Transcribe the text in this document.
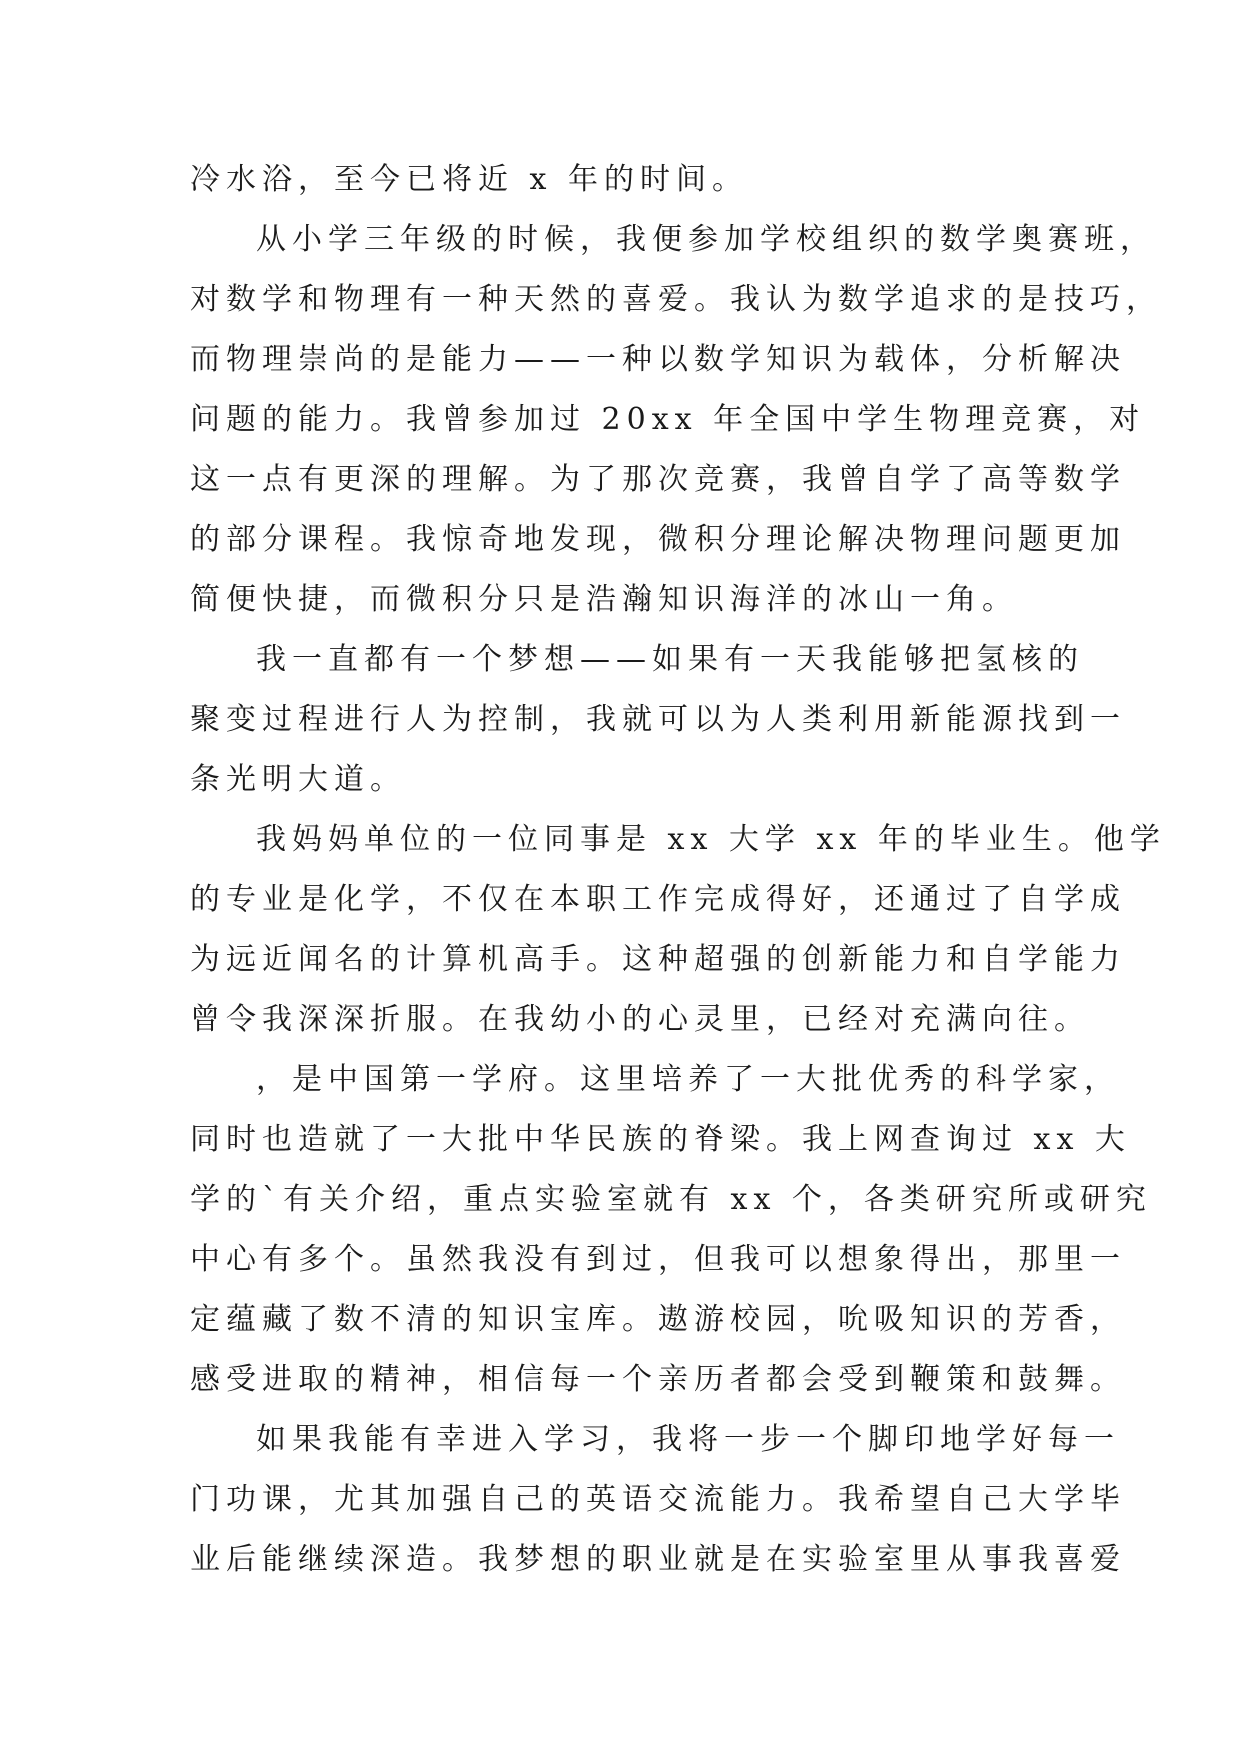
冷水浴，至今已将近 x 年的时间。
从小学三年级的时候，我便参加学校组织的数学奥赛班，
对数学和物理有一种天然的喜爱。我认为数学追求的是技巧，
而物理崇尚的是能力——一种以数学知识为载体，分析解决
问题的能力。我曾参加过 20xx 年全国中学生物理竞赛，对
这一点有更深的理解。为了那次竞赛，我曾自学了高等数学
的部分课程。我惊奇地发现，微积分理论解决物理问题更加
简便快捷，而微积分只是浩瀚知识海洋的冰山一角。
我一直都有一个梦想——如果有一天我能够把氢核的
聚变过程进行人为控制，我就可以为人类利用新能源找到一
条光明大道。
我妈妈单位的一位同事是 xx 大学 xx 年的毕业生。他学
的专业是化学，不仅在本职工作完成得好，还通过了自学成
为远近闻名的计算机高手。这种超强的创新能力和自学能力
曾令我深深折服。在我幼小的心灵里，已经对充满向往。
，是中国第一学府。这里培养了一大批优秀的科学家，
同时也造就了一大批中华民族的脊梁。我上网查询过 xx 大
学的`有关介绍，重点实验室就有 xx 个，各类研究所或研究
中心有多个。虽然我没有到过，但我可以想象得出，那里一
定蕴藏了数不清的知识宝库。遨游校园，吮吸知识的芳香，
感受进取的精神，相信每一个亲历者都会受到鞭策和鼓舞。
如果我能有幸进入学习，我将一步一个脚印地学好每一
门功课，尤其加强自己的英语交流能力。我希望自己大学毕
业后能继续深造。我梦想的职业就是在实验室里从事我喜爱
